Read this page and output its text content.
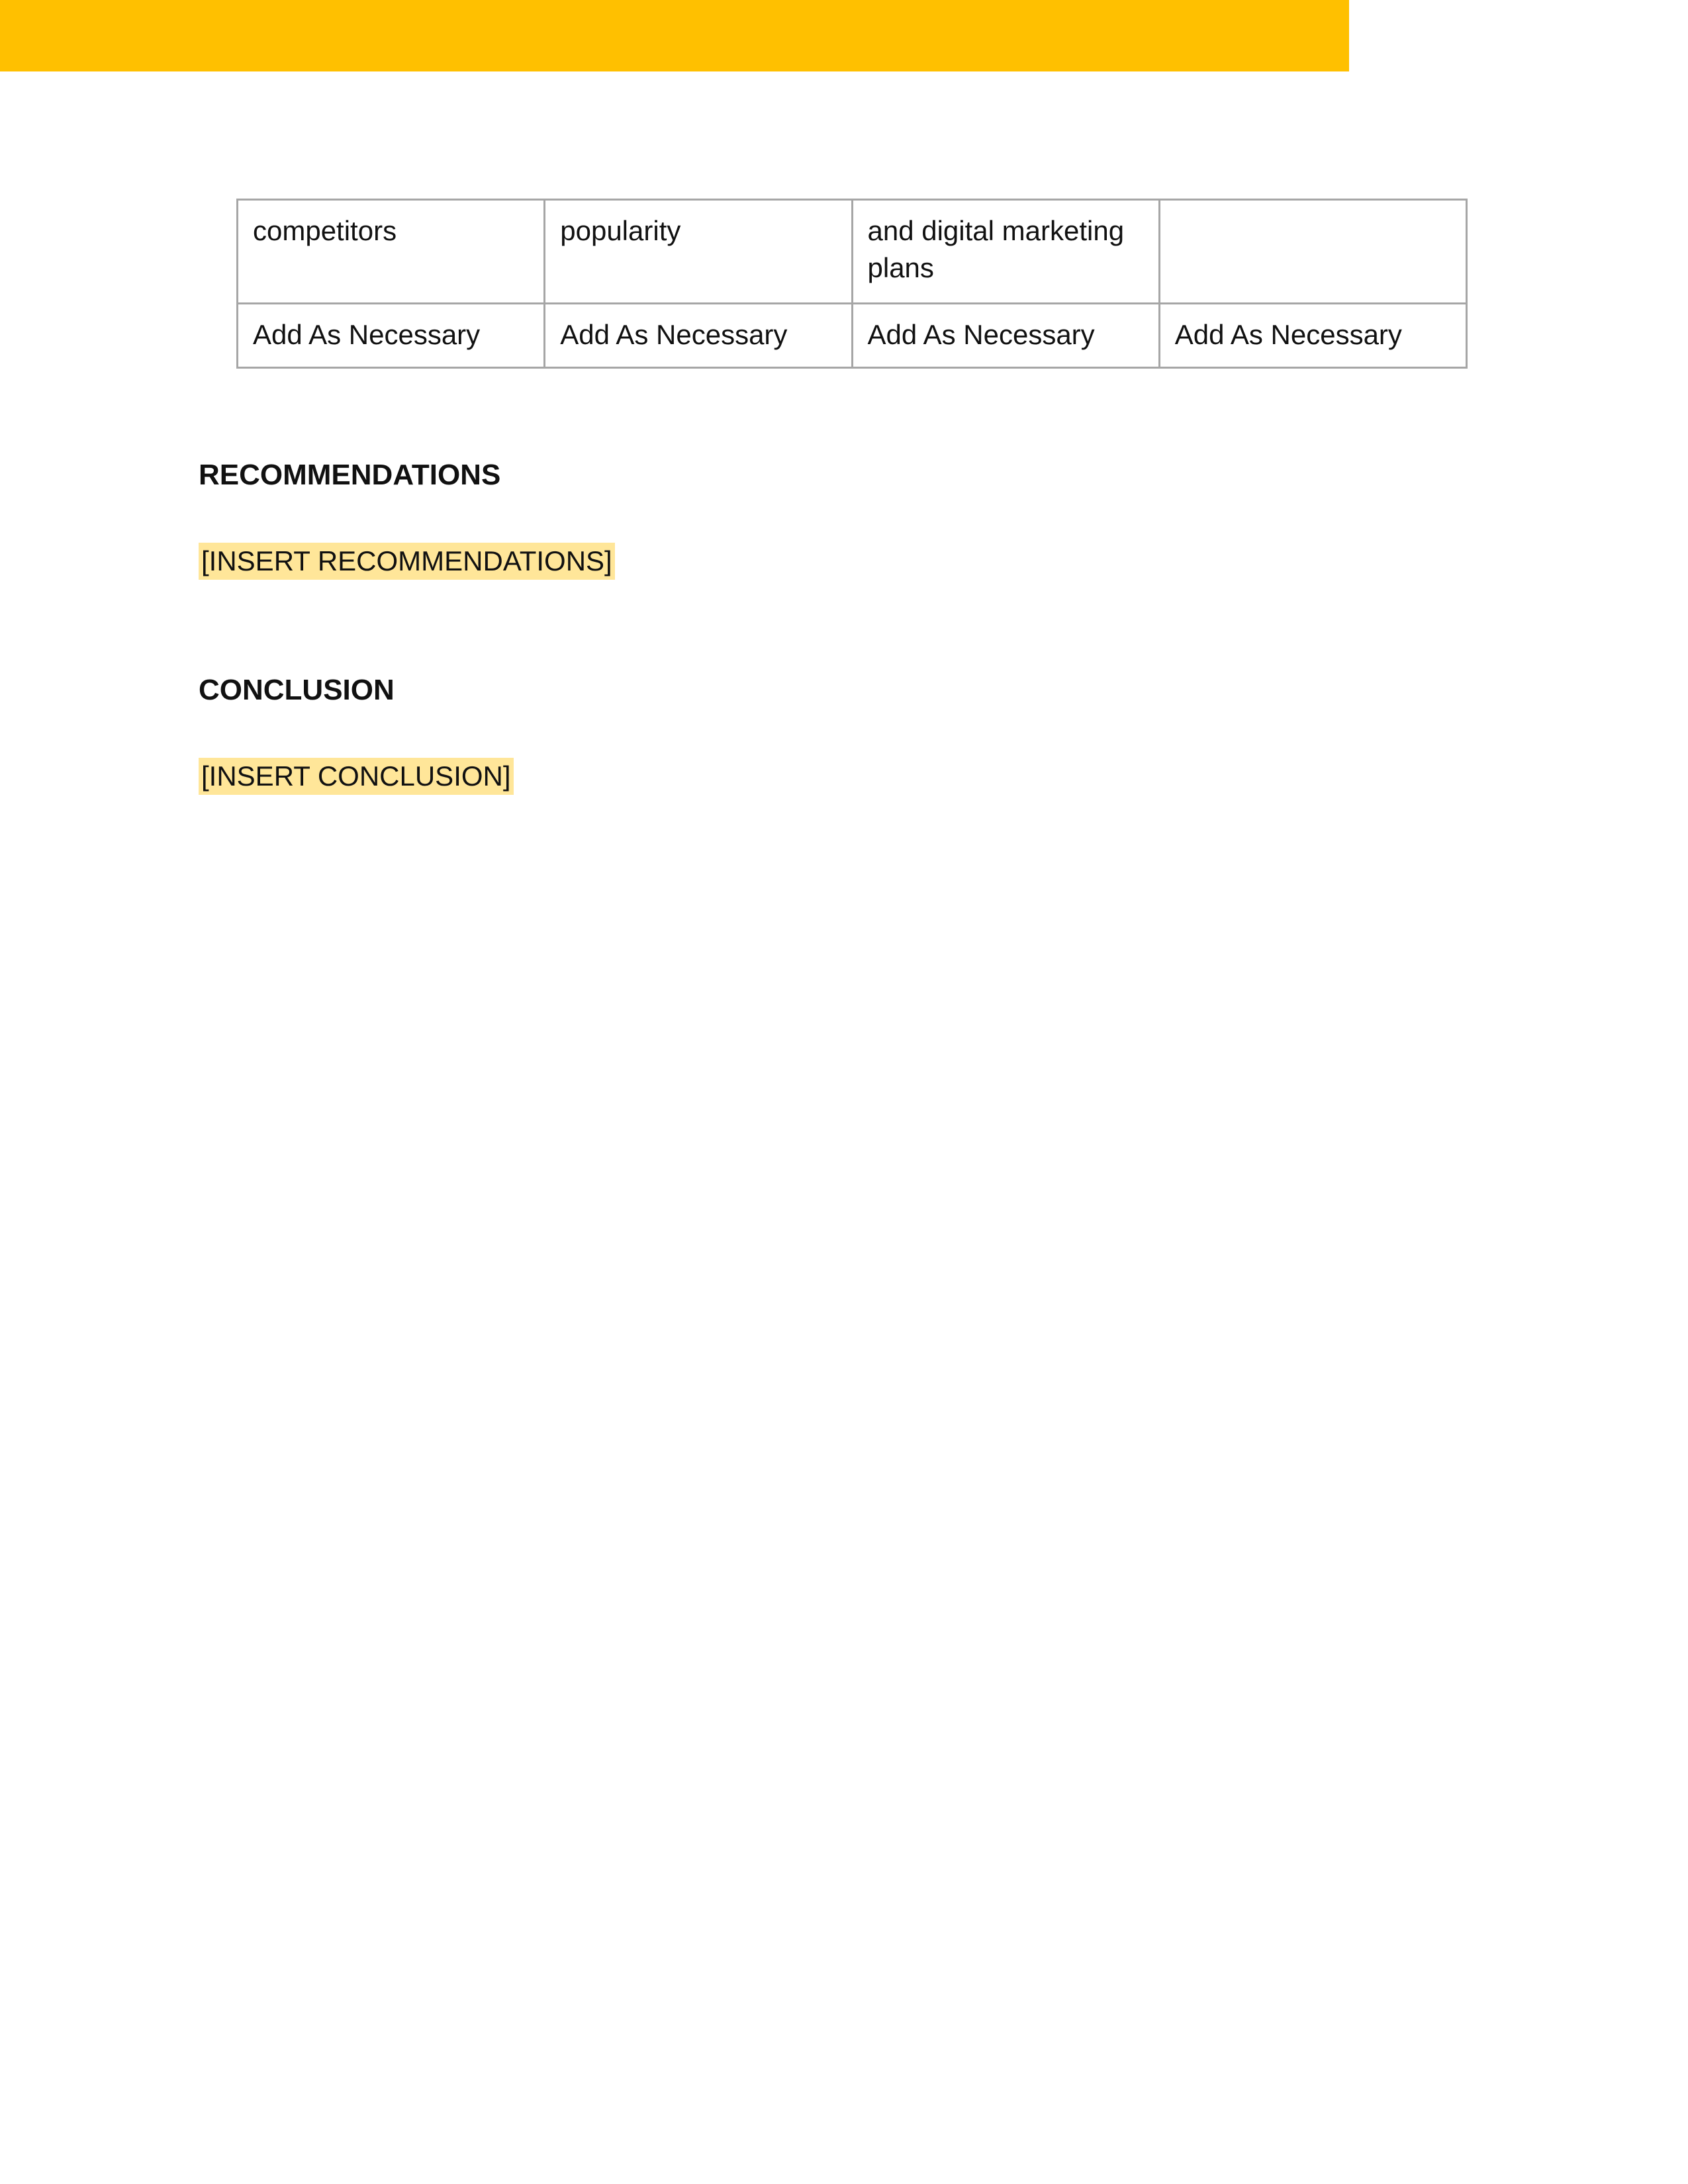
competitors	popularity	and digital marketing plans	
Add As Necessary	Add As Necessary	Add As Necessary	Add As Necessary
RECOMMENDATIONS
[INSERT RECOMMENDATIONS]
CONCLUSION
[INSERT CONCLUSION]
